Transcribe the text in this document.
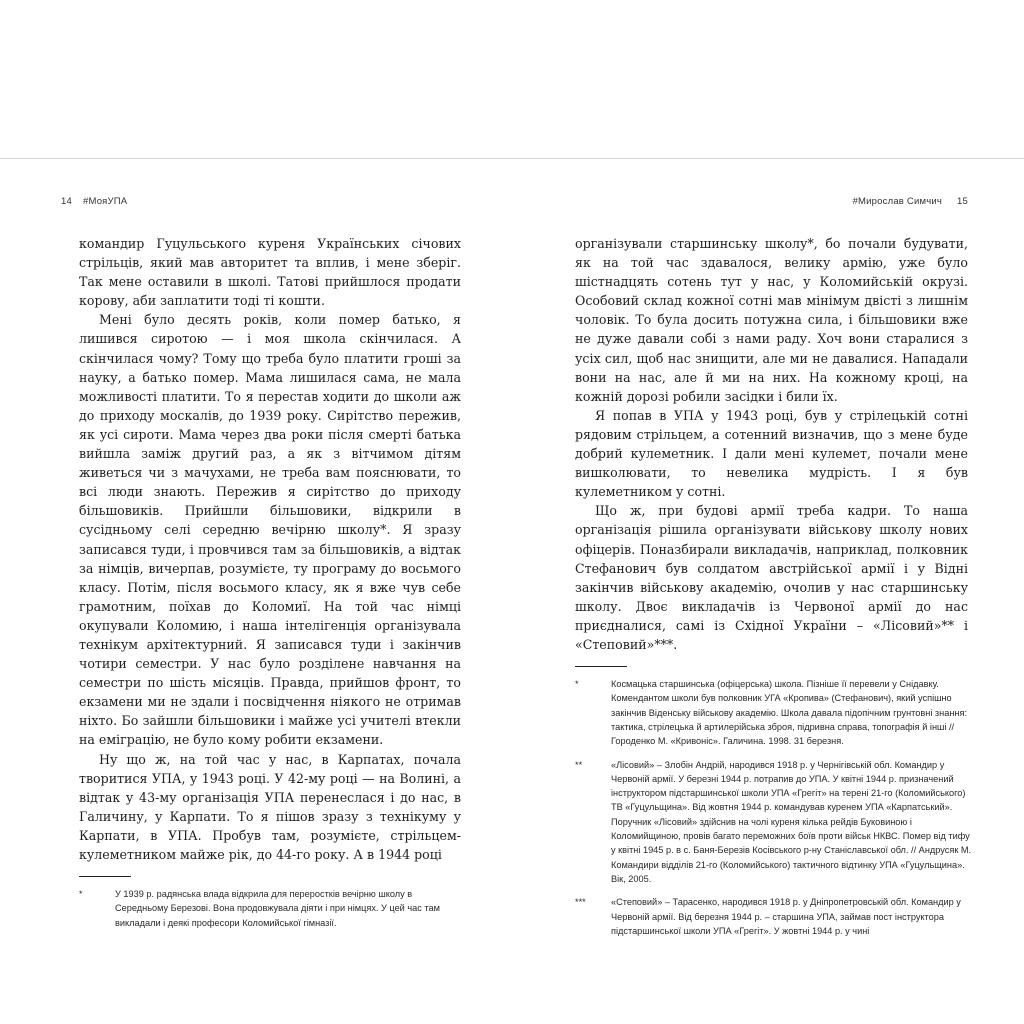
14 #МояУПА

командир Гуцульського куреня Українських січових стрільців, який мав авторитет та вплив, і мене зберіг. Так мене оставили в школі. Татові прийшлося продати корову, аби заплатити тоді ті кошти.

Мені було десять років, коли помер батько, я лишився сиротою — і моя школа скінчилася. А скінчилася чому? Тому що треба було платити гроші за науку, а батько помер. Мама лишилася сама, не мала можливості платити. То я перестав ходити до школи аж до приходу москалів, до 1939 року. Сирітство пережив, як усі сироти. Мама через два роки після смерті батька вийшла заміж другий раз, а як з вітчимом дітям живеться чи з мачухами, не треба вам пояснювати, то всі люди знають. Пережив я сирітство до приходу більшовиків. Прийшли більшовики, відкрили в сусідньому селі середню вечірню школу*. Я зразу записався туди, і провчився там за більшовиків, а відтак за німців, вичерпав, розумієте, ту програму до восьмого класу. Потім, після восьмого класу, як я вже чув себе грамотним, поїхав до Коломиї. На той час німці окупували Коломию, і наша інтелігенція організувала технікум архітектурний. Я записався туди і закінчив чотири семестри. У нас було розділене навчання на семестри по шість місяців. Правда, прийшов фронт, то екзамени ми не здали і посвідчення ніякого не отримав ніхто. Бо зайшли більшовики і майже усі учителі втекли на еміграцію, не було кому робити екзамени.

Ну що ж, на той час у нас, в Карпатах, почала творитися УПА, у 1943 році. У 42-му році — на Волині, а відтак у 43-му організація УПА перенеслася і до нас, в Галичину, у Карпати. То я пішов зразу з технікуму у Карпати, в УПА. Пробув там, розумієте, стрільцем-кулеметником майже рік, до 44-го року. А в 1944 році

*	У 1939 р. радянська влада відкрила для переростків вечірню школу в Середньому Березові. Вона продовжувала діяти і при німцях. У цей час там викладали і деякі професори Коломийської гімназії.
#Мирослав Симчич 15

організували старшинську школу*, бо почали будувати, як на той час здавалося, велику армію, уже було шістнадцять сотень тут у нас, у Коломийській окрузі. Особовий склад кожної сотні мав мінімум двісті з лишнім чоловік. То була досить потужна сила, і більшовики вже не дуже давали собі з нами раду. Хоч вони старалися з усіх сил, щоб нас знищити, але ми не давалися. Нападали вони на нас, але й ми на них. На кожному кроці, на кожній дорозі робили засідки і били їх.

Я попав в УПА у 1943 році, був у стрілецькій сотні рядовим стрільцем, а сотенний визначив, що з мене буде добрий кулеметник. І дали мені кулемет, почали мене вишколювати, то невелика мудрість. І я був кулеметником у сотні.

Що ж, при будові армії треба кадри. То наша організація рішила організувати військову школу нових офіцерів. Поназбирали викладачів, наприклад, полковник Стефанович був солдатом австрійської армії і у Відні закінчив військову академію, очолив у нас старшинську школу. Двоє викладачів із Червоної армії до нас приєдналися, самі із Східної України – «Лісовий»** і «Степовий»***.

*	Космацька старшинська (офіцерська) школа. Пізніше її перевели у Снідавку. Комендантом школи був полковник УГА «Кропива» (Стефанович), який успішно закінчив Віденську військову академію. Школа давала підопічним грунтовні знання: тактика, стрілецька й артилерійська зброя, підривна справа, топографія й інші // Городенко М. «Кривоніс». Галичина. 1998. 31 березня.
**	«Лісовий» – Злобін Андрій, народився 1918 р. у Чернігівській обл. Командир у Червоній армії. У березні 1944 р. потрапив до УПА. У квітні 1944 р. призначений інструктором підстаршинської школи УПА «Грегіт» на терені 21-го (Коломийського) ТВ «Гуцульщина». Від жовтня 1944 р. командував куренем УПА «Карпатський». Поручник «Лісовий» здійснив на чолі куреня кілька рейдів Буковиною і Коломийщиною, провів багато переможних боїв проти військ НКВС. Помер від тифу у квітні 1945 р. в с. Баня-Березів Косівського р-ну Станіславської обл. // Андрусяк М. Командири відділів 21-го (Коломийського) тактичного відтинку УПА «Гуцульщина». Вік, 2005.
***	«Степовий» – Тарасенко, народився 1918 р. у Дніпропетровській обл. Командир у Червоній армії. Від березня 1944 р. – старшина УПА, займав пост інструктора підстаршинської школи УПА «Грегіт». У жовтні 1944 р. у чині
